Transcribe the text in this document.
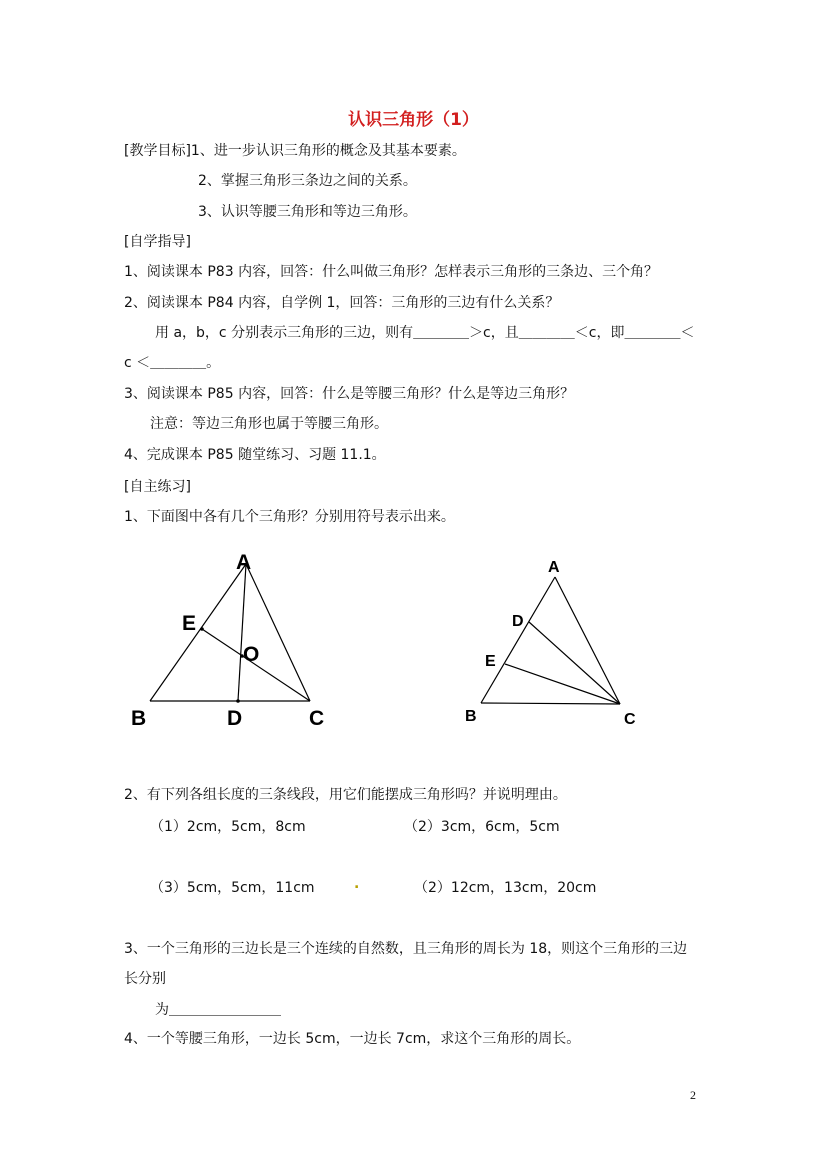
认识三角形（1）
[教学目标]1、进一步认识三角形的概念及其基本要素。
2、掌握三角形三条边之间的关系。
3、认识等腰三角形和等边三角形。
[自学指导]
1、阅读课本 P83 内容，回答：什么叫做三角形？怎样表示三角形的三条边、三个角？
2、阅读课本 P84 内容，自学例 1，回答：三角形的三边有什么关系？
用 a，b，c 分别表示三角形的三边，则有＿＿＿＿＞c，且＿＿＿＿＜c，即＿＿＿＿＜
c ＜＿＿＿＿。
3、阅读课本 P85 内容，回答：什么是等腰三角形？什么是等边三角形？
注意：等边三角形也属于等腰三角形。
4、完成课本 P85 随堂练习、习题 11.1。
[自主练习]
1、下面图中各有几个三角形？分别用符号表示出来。
A
E
O
B	D	C
A
D
E
B	C
2、有下列各组长度的三条线段，用它们能摆成三角形吗？并说明理由。
（1）2cm，5cm，8cm	（2）3cm，6cm，5cm
（3）5cm，5cm，11cm	.	（2）12cm，13cm，20cm
3、一个三角形的三边长是三个连续的自然数，且三角形的周长为 18，则这个三角形的三边
长分别
为＿＿＿＿＿＿＿＿
4、一个等腰三角形，一边长 5cm，一边长 7cm，求这个三角形的周长。
2
